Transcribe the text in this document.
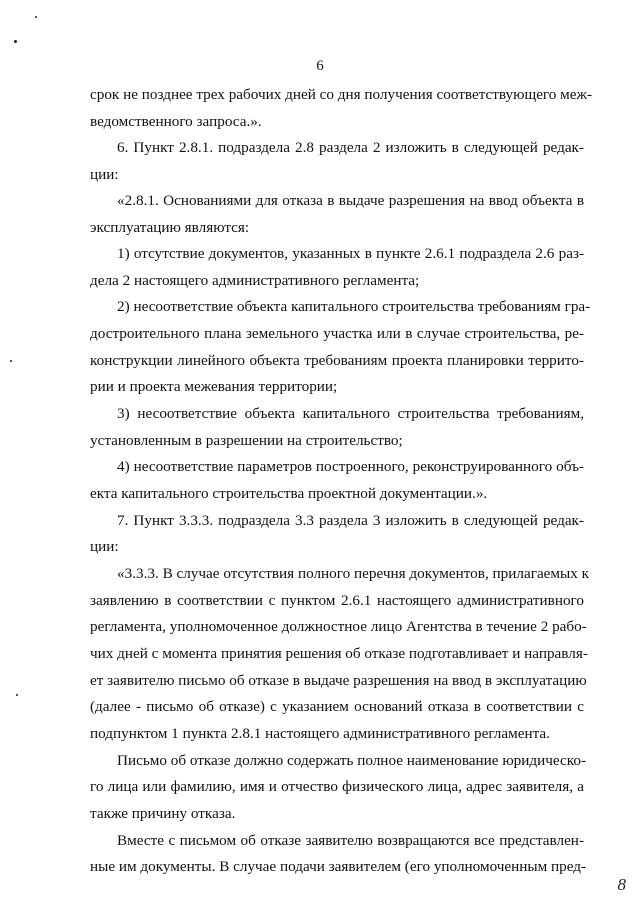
6
срок не позднее трех рабочих дней со дня получения соответствующего меж-
ведомственного запроса.».
6. Пункт 2.8.1. подраздела 2.8 раздела 2 изложить в следующей редак-
ции:
«2.8.1. Основаниями для отказа в выдаче разрешения на ввод объекта в
эксплуатацию являются:
1) отсутствие документов, указанных в пункте 2.6.1 подраздела 2.6 раз-
дела 2 настоящего административного регламента;
2) несоответствие объекта капитального строительства требованиям гра-
достроительного плана земельного участка или в случае строительства, ре-
конструкции линейного объекта требованиям проекта планировки террито-
рии и проекта межевания территории;
3) несоответствие объекта капитального строительства требованиям,
установленным в разрешении на строительство;
4) несоответствие параметров построенного, реконструированного объ-
екта капитального строительства проектной документации.».
7. Пункт 3.3.3. подраздела 3.3 раздела 3 изложить в следующей редак-
ции:
«3.3.3. В случае отсутствия полного перечня документов, прилагаемых к
заявлению в соответствии с пунктом 2.6.1 настоящего административного
регламента, уполномоченное должностное лицо Агентства в течение 2 рабо-
чих дней с момента принятия решения об отказе подготавливает и направля-
ет заявителю письмо об отказе в выдаче разрешения на ввод в эксплуатацию
(далее - письмо об отказе) с указанием оснований отказа в соответствии с
подпунктом 1 пункта 2.8.1 настоящего административного регламента.
Письмо об отказе должно содержать полное наименование юридическо-
го лица или фамилию, имя и отчество физического лица, адрес заявителя, а
также причину отказа.
Вместе с письмом об отказе заявителю возвращаются все представлен-
ные им документы. В случае подачи заявителем (его уполномоченным пред-
8
